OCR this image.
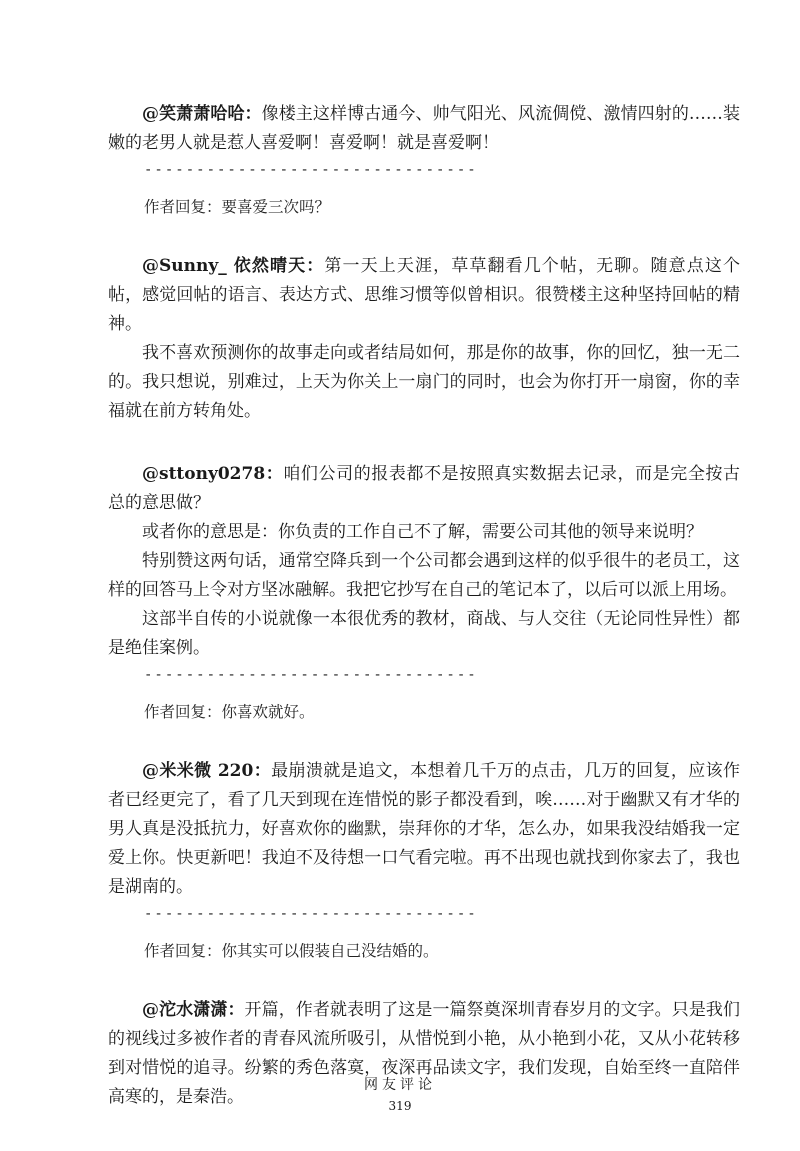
@笑萧萧哈哈：像楼主这样博古通今、帅气阳光、风流倜傥、激情四射的……装嫩的老男人就是惹人喜爱啊！喜爱啊！就是喜爱啊！

--------------------------------
作者回复：要喜爱三次吗？

@Sunny_ 依然晴天：第一天上天涯，草草翻看几个帖，无聊。随意点这个帖，感觉回帖的语言、表达方式、思维习惯等似曾相识。很赞楼主这种坚持回帖的精神。

我不喜欢预测你的故事走向或者结局如何，那是你的故事，你的回忆，独一无二的。我只想说，别难过，上天为你关上一扇门的同时，也会为你打开一扇窗，你的幸福就在前方转角处。

@sttony0278：咱们公司的报表都不是按照真实数据去记录，而是完全按古总的意思做？

或者你的意思是：你负责的工作自己不了解，需要公司其他的领导来说明？

特别赞这两句话，通常空降兵到一个公司都会遇到这样的似乎很牛的老员工，这样的回答马上令对方坚冰融解。我把它抄写在自己的笔记本了，以后可以派上用场。

这部半自传的小说就像一本很优秀的教材，商战、与人交往（无论同性异性）都是绝佳案例。

--------------------------------
作者回复：你喜欢就好。

@米米微 220：最崩溃就是追文，本想着几千万的点击，几万的回复，应该作者已经更完了，看了几天到现在连惜悦的影子都没看到，唉……对于幽默又有才华的男人真是没抵抗力，好喜欢你的幽默，崇拜你的才华，怎么办，如果我没结婚我一定爱上你。快更新吧！我迫不及待想一口气看完啦。再不出现也就找到你家去了，我也是湖南的。

--------------------------------
作者回复：你其实可以假装自己没结婚的。

@沱水潇潇：开篇，作者就表明了这是一篇祭奠深圳青春岁月的文字。只是我们的视线过多被作者的青春风流所吸引，从惜悦到小艳，从小艳到小花，又从小花转移到对惜悦的追寻。纷繁的秀色落寞，夜深再品读文字，我们发现，自始至终一直陪伴高寒的，是秦浩。

网友评论
319
